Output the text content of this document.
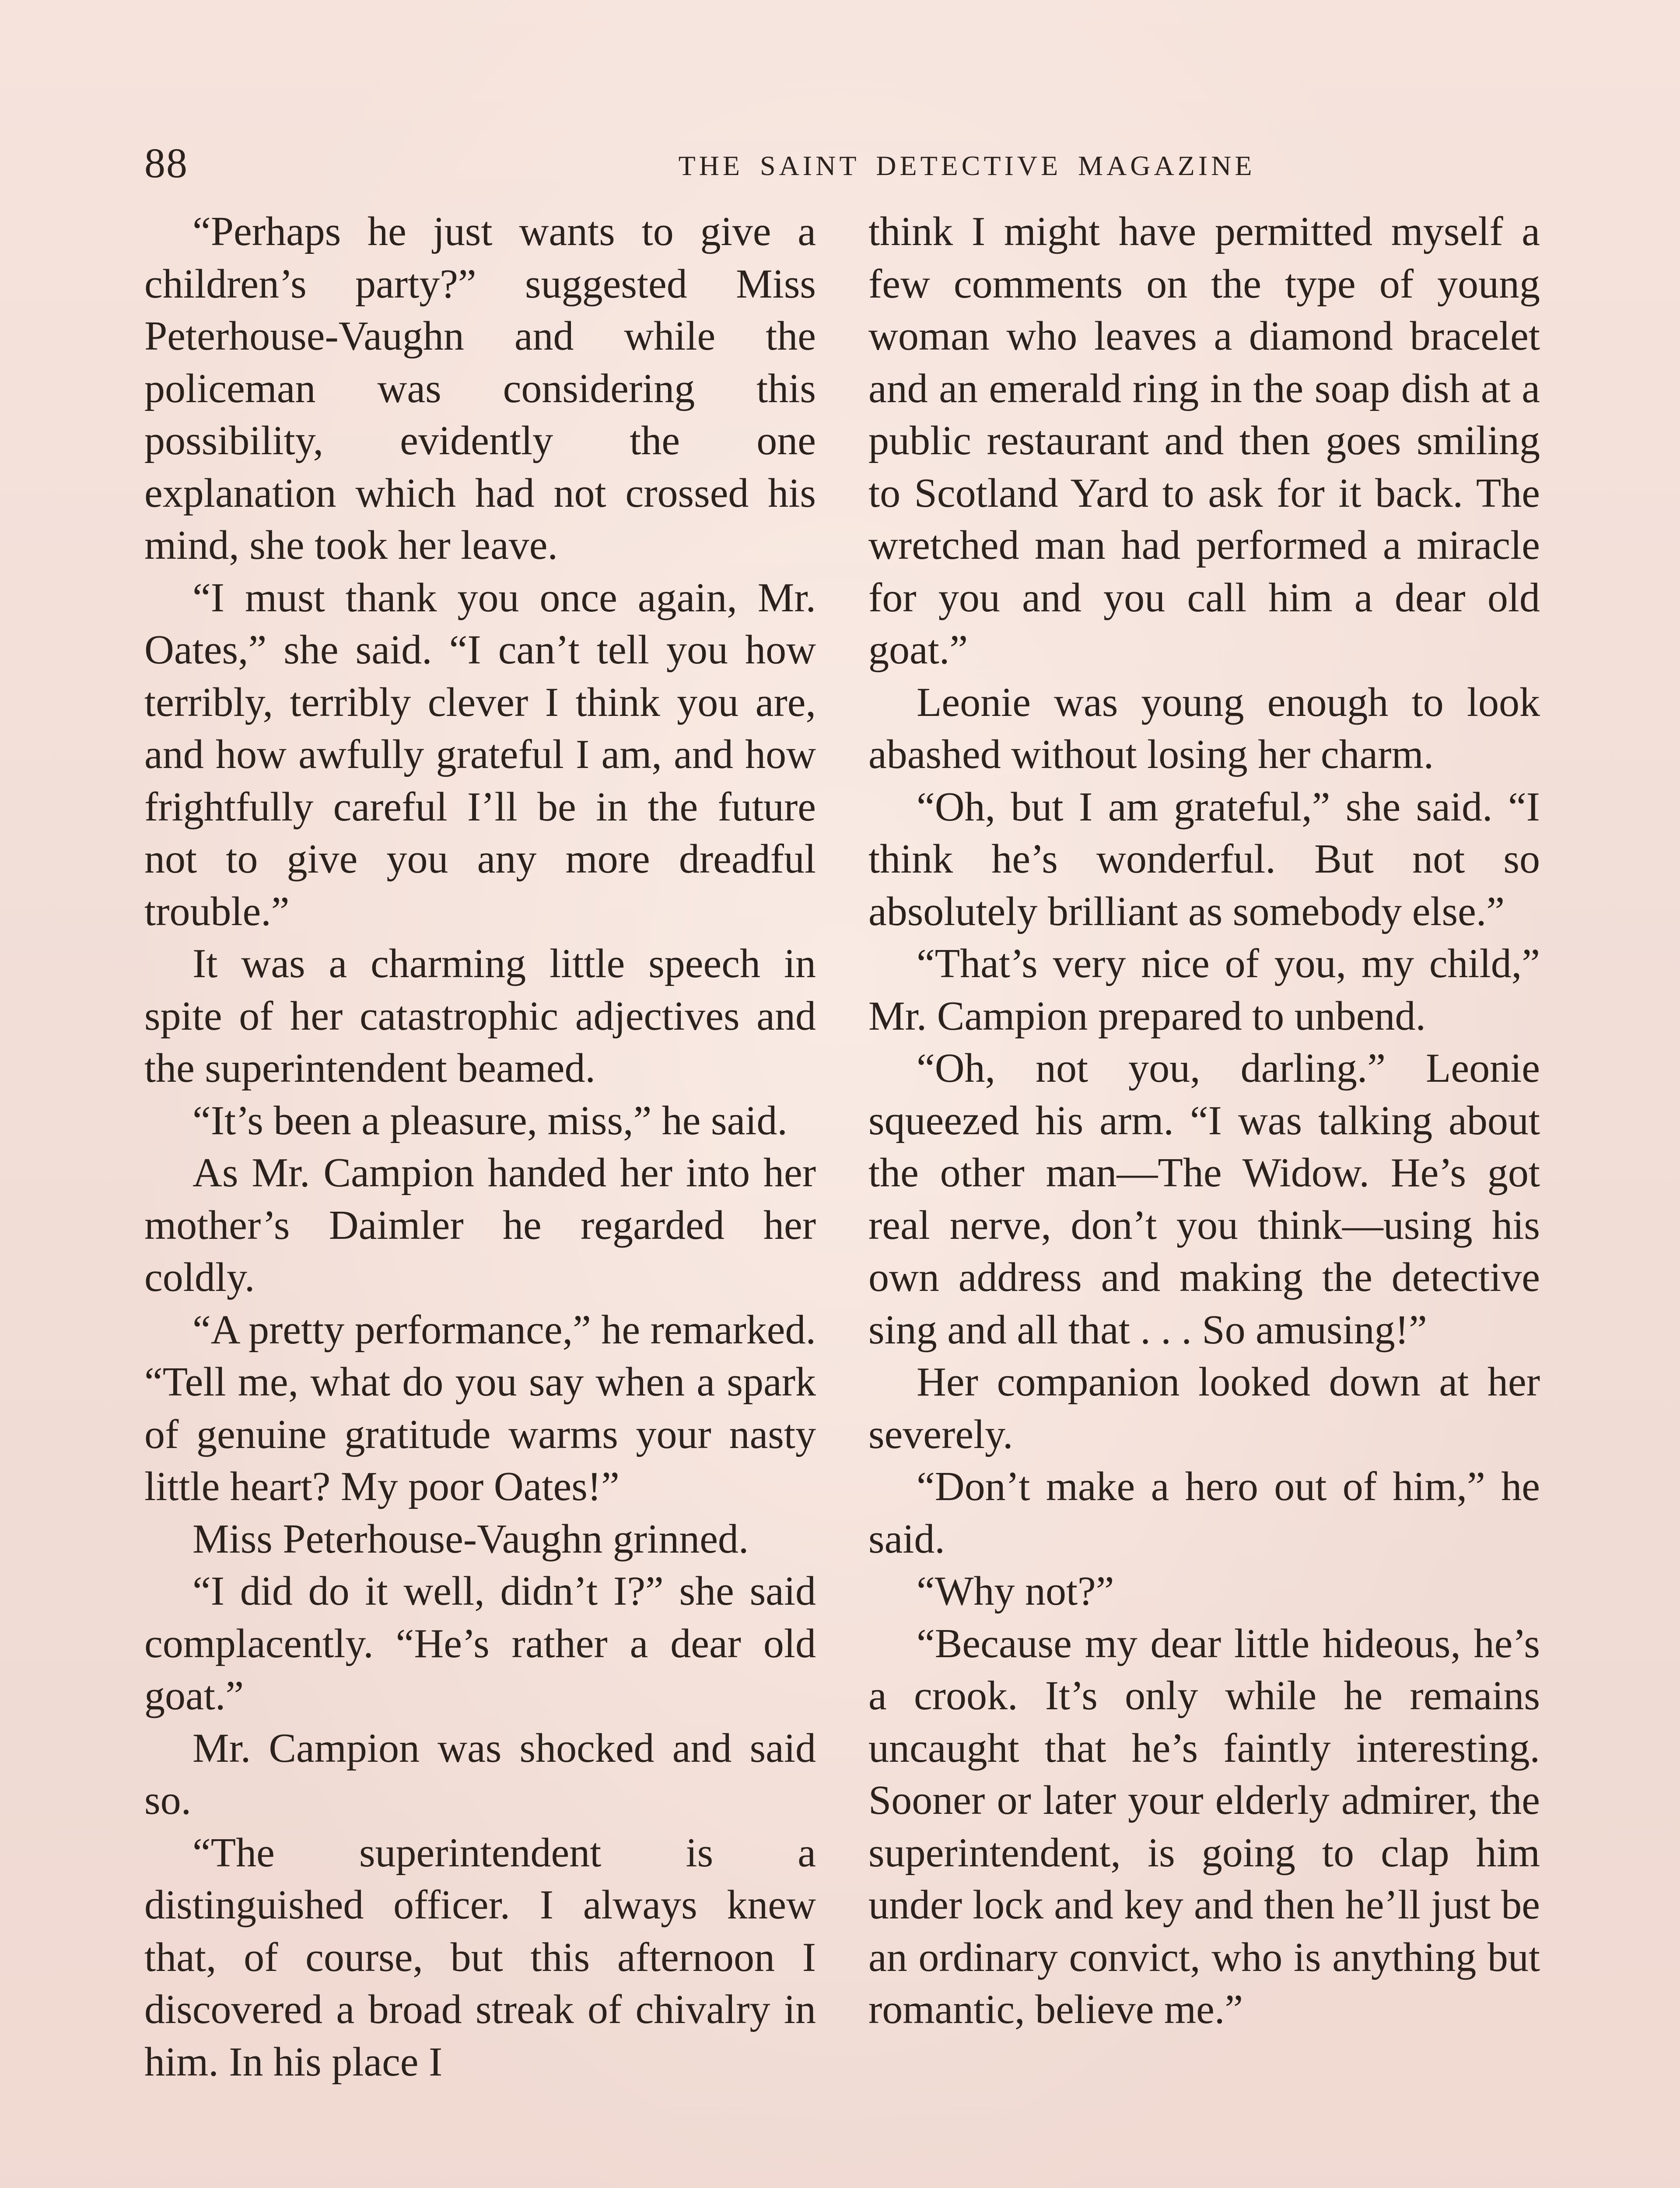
88	THE SAINT DETECTIVE MAGAZINE

“Perhaps he just wants to give a children’s party?” suggested Miss Peterhouse-Vaughn and while the policeman was considering this possibility, evidently the one explanation which had not crossed his mind, she took her leave.

“I must thank you once again, Mr. Oates,” she said. “I can’t tell you how terribly, terribly clever I think you are, and how awfully grateful I am, and how frightfully careful I’ll be in the future not to give you any more dreadful trouble.”

It was a charming little speech in spite of her catastrophic adjectives and the superintendent beamed.

“It’s been a pleasure, miss,” he said.

As Mr. Campion handed her into her mother’s Daimler he regarded her coldly.

“A pretty performance,” he remarked. “Tell me, what do you say when a spark of genuine gratitude warms your nasty little heart? My poor Oates!”

Miss Peterhouse-Vaughn grinned.

“I did do it well, didn’t I?” she said complacently. “He’s rather a dear old goat.”

Mr. Campion was shocked and said so.

“The superintendent is a distinguished officer. I always knew that, of course, but this afternoon I discovered a broad streak of chivalry in him. In his place I

think I might have permitted myself a few comments on the type of young woman who leaves a diamond bracelet and an emerald ring in the soap dish at a public restaurant and then goes smiling to Scotland Yard to ask for it back. The wretched man had performed a miracle for you and you call him a dear old goat.”

Leonie was young enough to look abashed without losing her charm.

“Oh, but I am grateful,” she said. “I think he’s wonderful. But not so absolutely brilliant as somebody else.”

“That’s very nice of you, my child,” Mr. Campion prepared to unbend.

“Oh, not you, darling.” Leonie squeezed his arm. “I was talking about the other man—The Widow. He’s got real nerve, don’t you think—using his own address and making the detective sing and all that . . . So amusing!”

Her companion looked down at her severely.

“Don’t make a hero out of him,” he said.

“Why not?”

“Because my dear little hideous, he’s a crook. It’s only while he remains uncaught that he’s faintly interesting. Sooner or later your elderly admirer, the superintendent, is going to clap him under lock and key and then he’ll just be an ordinary convict, who is anything but romantic, believe me.”
